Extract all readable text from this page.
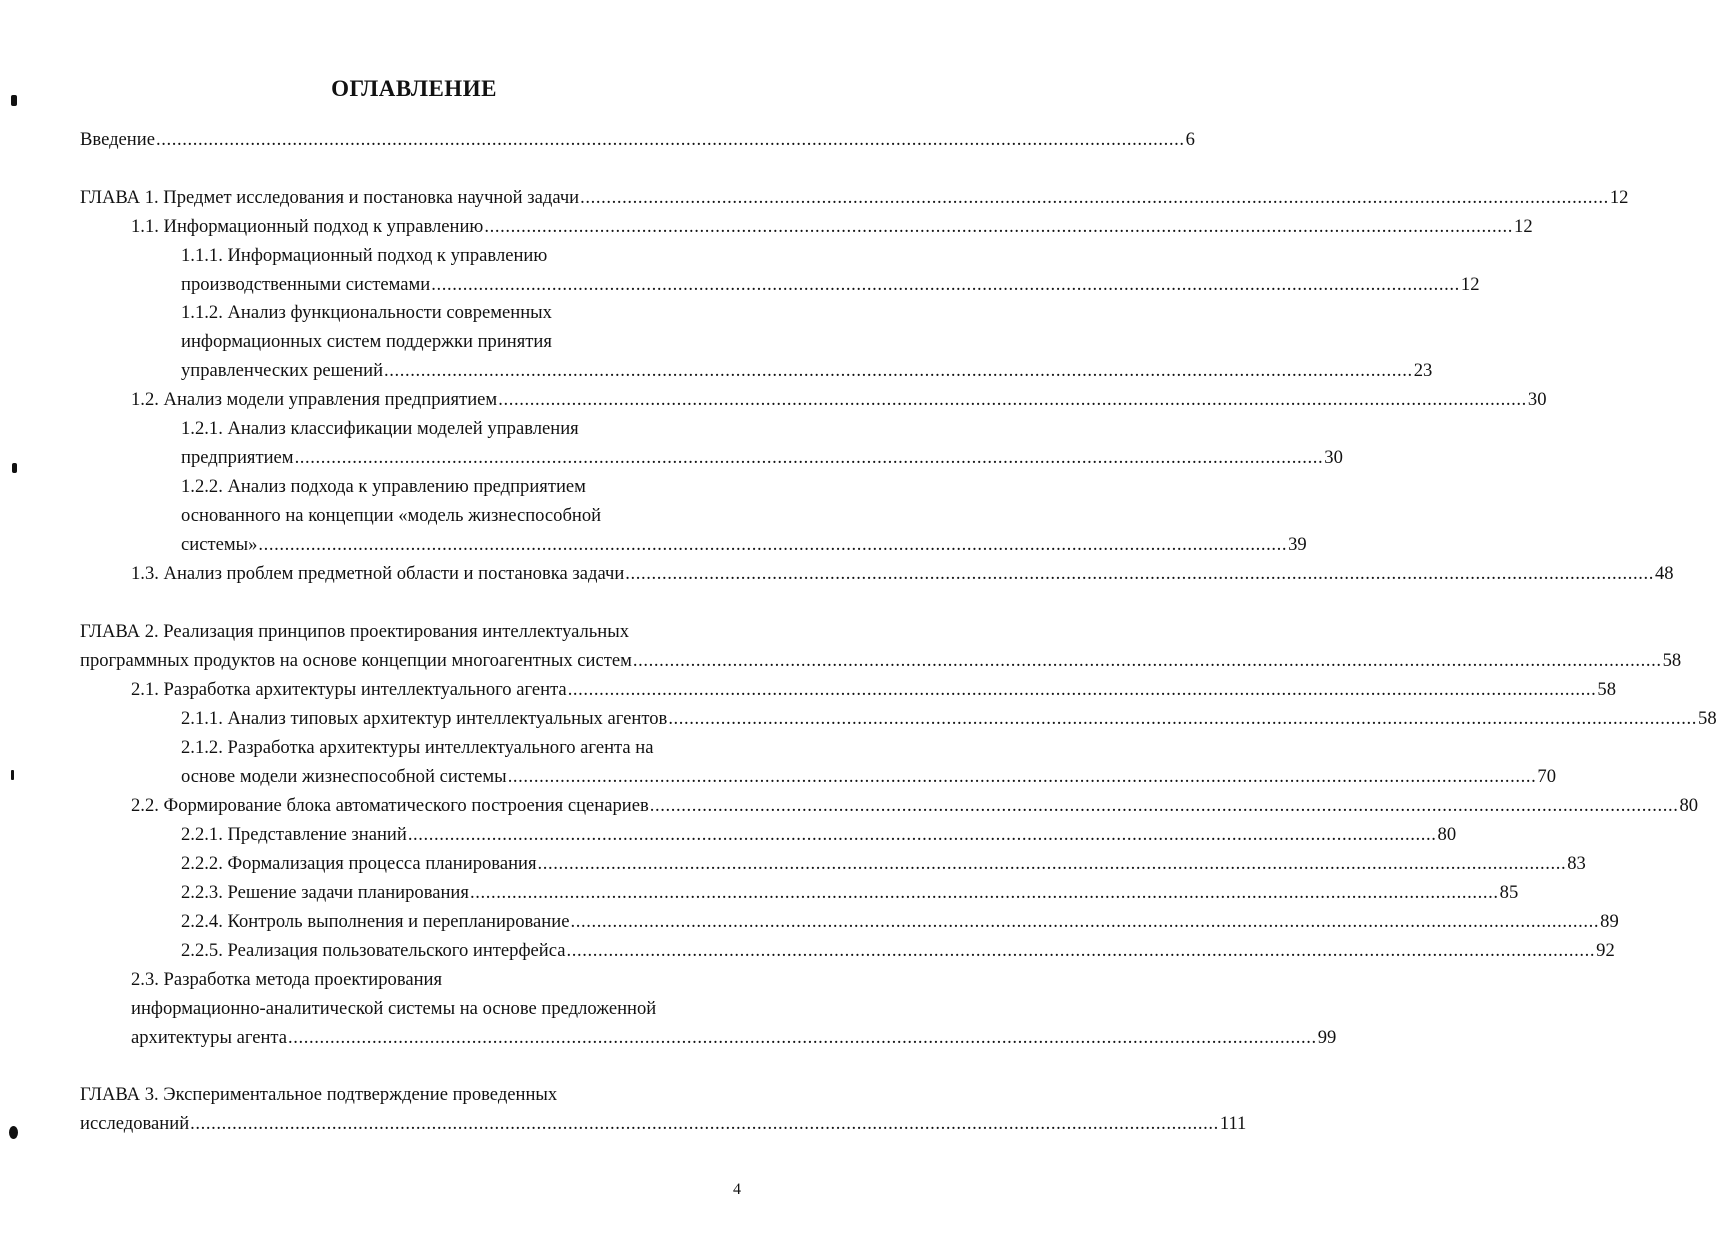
ОГЛАВЛЕНИЕ
Введение .................................................................................................................................................................................................... 6
ГЛАВА 1. Предмет исследования и постановка научной задачи .................................................................................................................................................................................................... 12
1.1. Информационный подход к управлению .................................................................................................................................................................................................... 12
1.1.1. Информационный подход к управлению
производственными системами .................................................................................................................................................................................................... 12
1.1.2. Анализ функциональности современных
информационных систем поддержки принятия
управленческих решений .................................................................................................................................................................................................... 23
1.2. Анализ модели управления предприятием .................................................................................................................................................................................................... 30
1.2.1. Анализ классификации моделей управления
предприятием .................................................................................................................................................................................................... 30
1.2.2. Анализ подхода к управлению предприятием
основанного на концепции «модель жизнеспособной
системы» .................................................................................................................................................................................................... 39
1.3. Анализ проблем предметной области и постановка задачи .................................................................................................................................................................................................... 48
ГЛАВА 2. Реализация принципов проектирования интеллектуальных
программных продуктов на основе концепции многоагентных систем .................................................................................................................................................................................................... 58
2.1. Разработка архитектуры интеллектуального агента .................................................................................................................................................................................................... 58
2.1.1. Анализ типовых архитектур интеллектуальных агентов .................................................................................................................................................................................................... 58
2.1.2. Разработка архитектуры интеллектуального агента на
основе модели жизнеспособной системы .................................................................................................................................................................................................... 70
2.2. Формирование блока автоматического построения сценариев .................................................................................................................................................................................................... 80
2.2.1. Представление знаний .................................................................................................................................................................................................... 80
2.2.2. Формализация процесса планирования .................................................................................................................................................................................................... 83
2.2.3. Решение задачи планирования .................................................................................................................................................................................................... 85
2.2.4. Контроль выполнения и перепланирование .................................................................................................................................................................................................... 89
2.2.5. Реализация пользовательского интерфейса .................................................................................................................................................................................................... 92
2.3. Разработка метода проектирования
информационно-аналитической системы на основе предложенной
архитектуры агента .................................................................................................................................................................................................... 99
ГЛАВА 3. Экспериментальное подтверждение проведенных
исследований .................................................................................................................................................................................................... 111
4
